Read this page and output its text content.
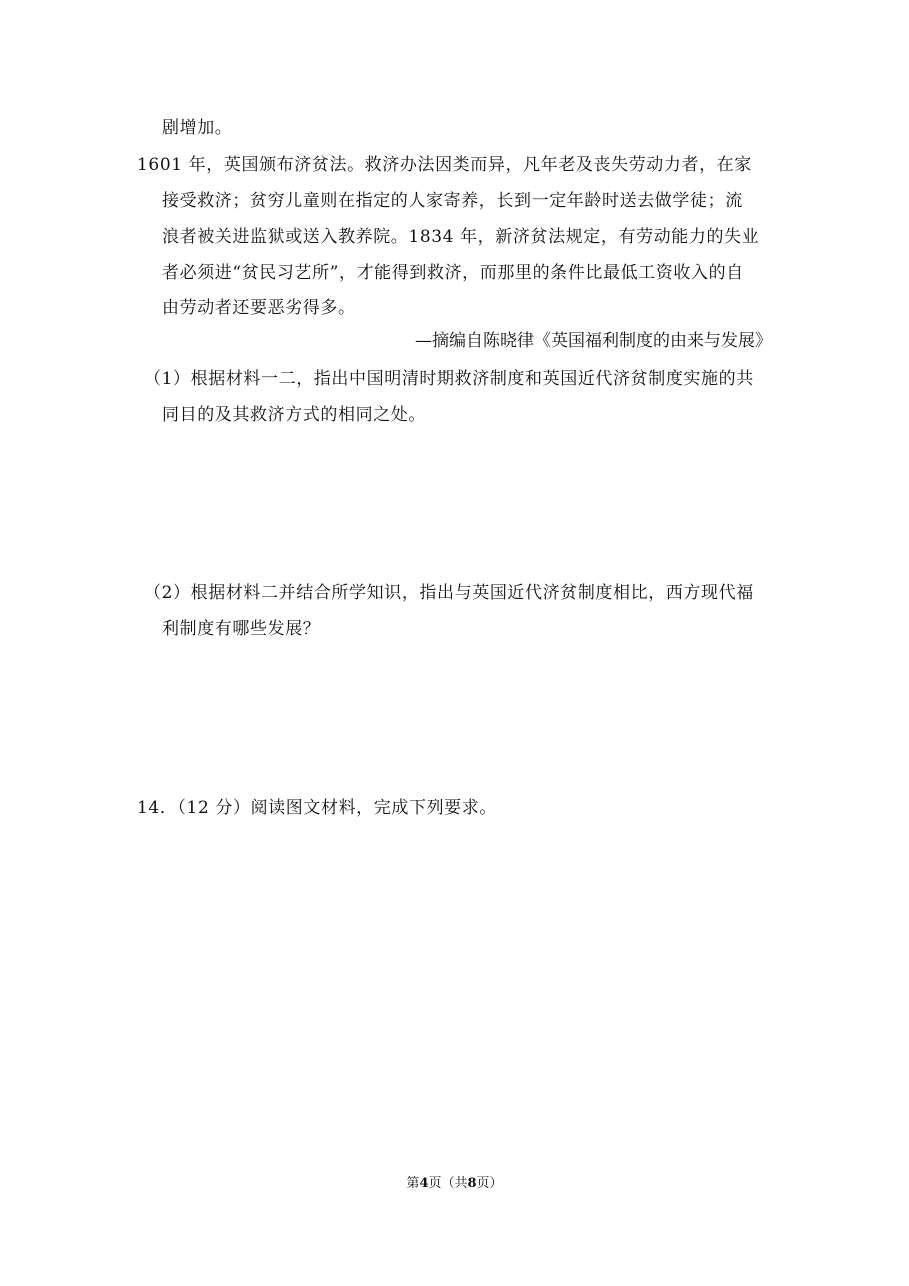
剧增加。
1601 年，英国颁布济贫法。救济办法因类而异，凡年老及丧失劳动力者，在家
接受救济；贫穷儿童则在指定的人家寄养，长到一定年龄时送去做学徒；流
浪者被关进监狱或送入教养院。1834 年，新济贫法规定，有劳动能力的失业
者必须进“贫民习艺所”，才能得到救济，而那里的条件比最低工资收入的自
由劳动者还要恶劣得多。
—摘编自陈晓律《英国福利制度的由来与发展》
（1）根据材料一二，指出中国明清时期救济制度和英国近代济贫制度实施的共
同目的及其救济方式的相同之处。
（2）根据材料二并结合所学知识，指出与英国近代济贫制度相比，西方现代福
利制度有哪些发展？
14．（12 分）阅读图文材料，完成下列要求。
第4页（共8页）
